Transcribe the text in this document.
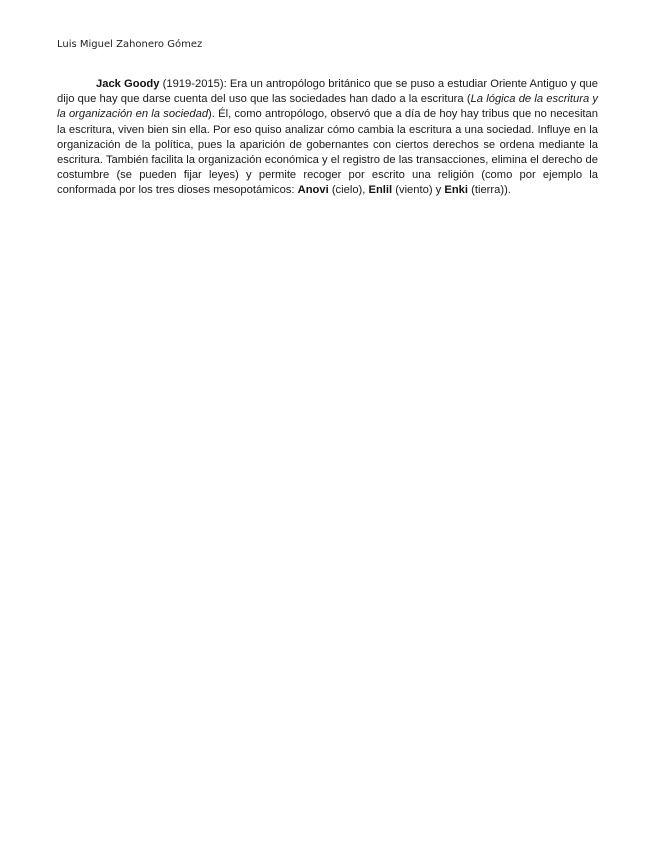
Luis Miguel Zahonero Gómez

Jack Goody (1919-2015): Era un antropólogo británico que se puso a estudiar Oriente Antiguo y que dijo que hay que darse cuenta del uso que las sociedades han dado a la escritura (La lógica de la escritura y la organización en la sociedad). Él, como antropólogo, observó que a día de hoy hay tribus que no necesitan la escritura, viven bien sin ella. Por eso quiso analizar cómo cambia la escritura a una sociedad. Influye en la organización de la política, pues la aparición de gobernantes con ciertos derechos se ordena mediante la escritura. También facilita la organización económica y el registro de las transacciones, elimina el derecho de costumbre (se pueden fijar leyes) y permite recoger por escrito una religión (como por ejemplo la conformada por los tres dioses mesopotámicos: Anovi (cielo), Enlil (viento) y Enki (tierra)).
